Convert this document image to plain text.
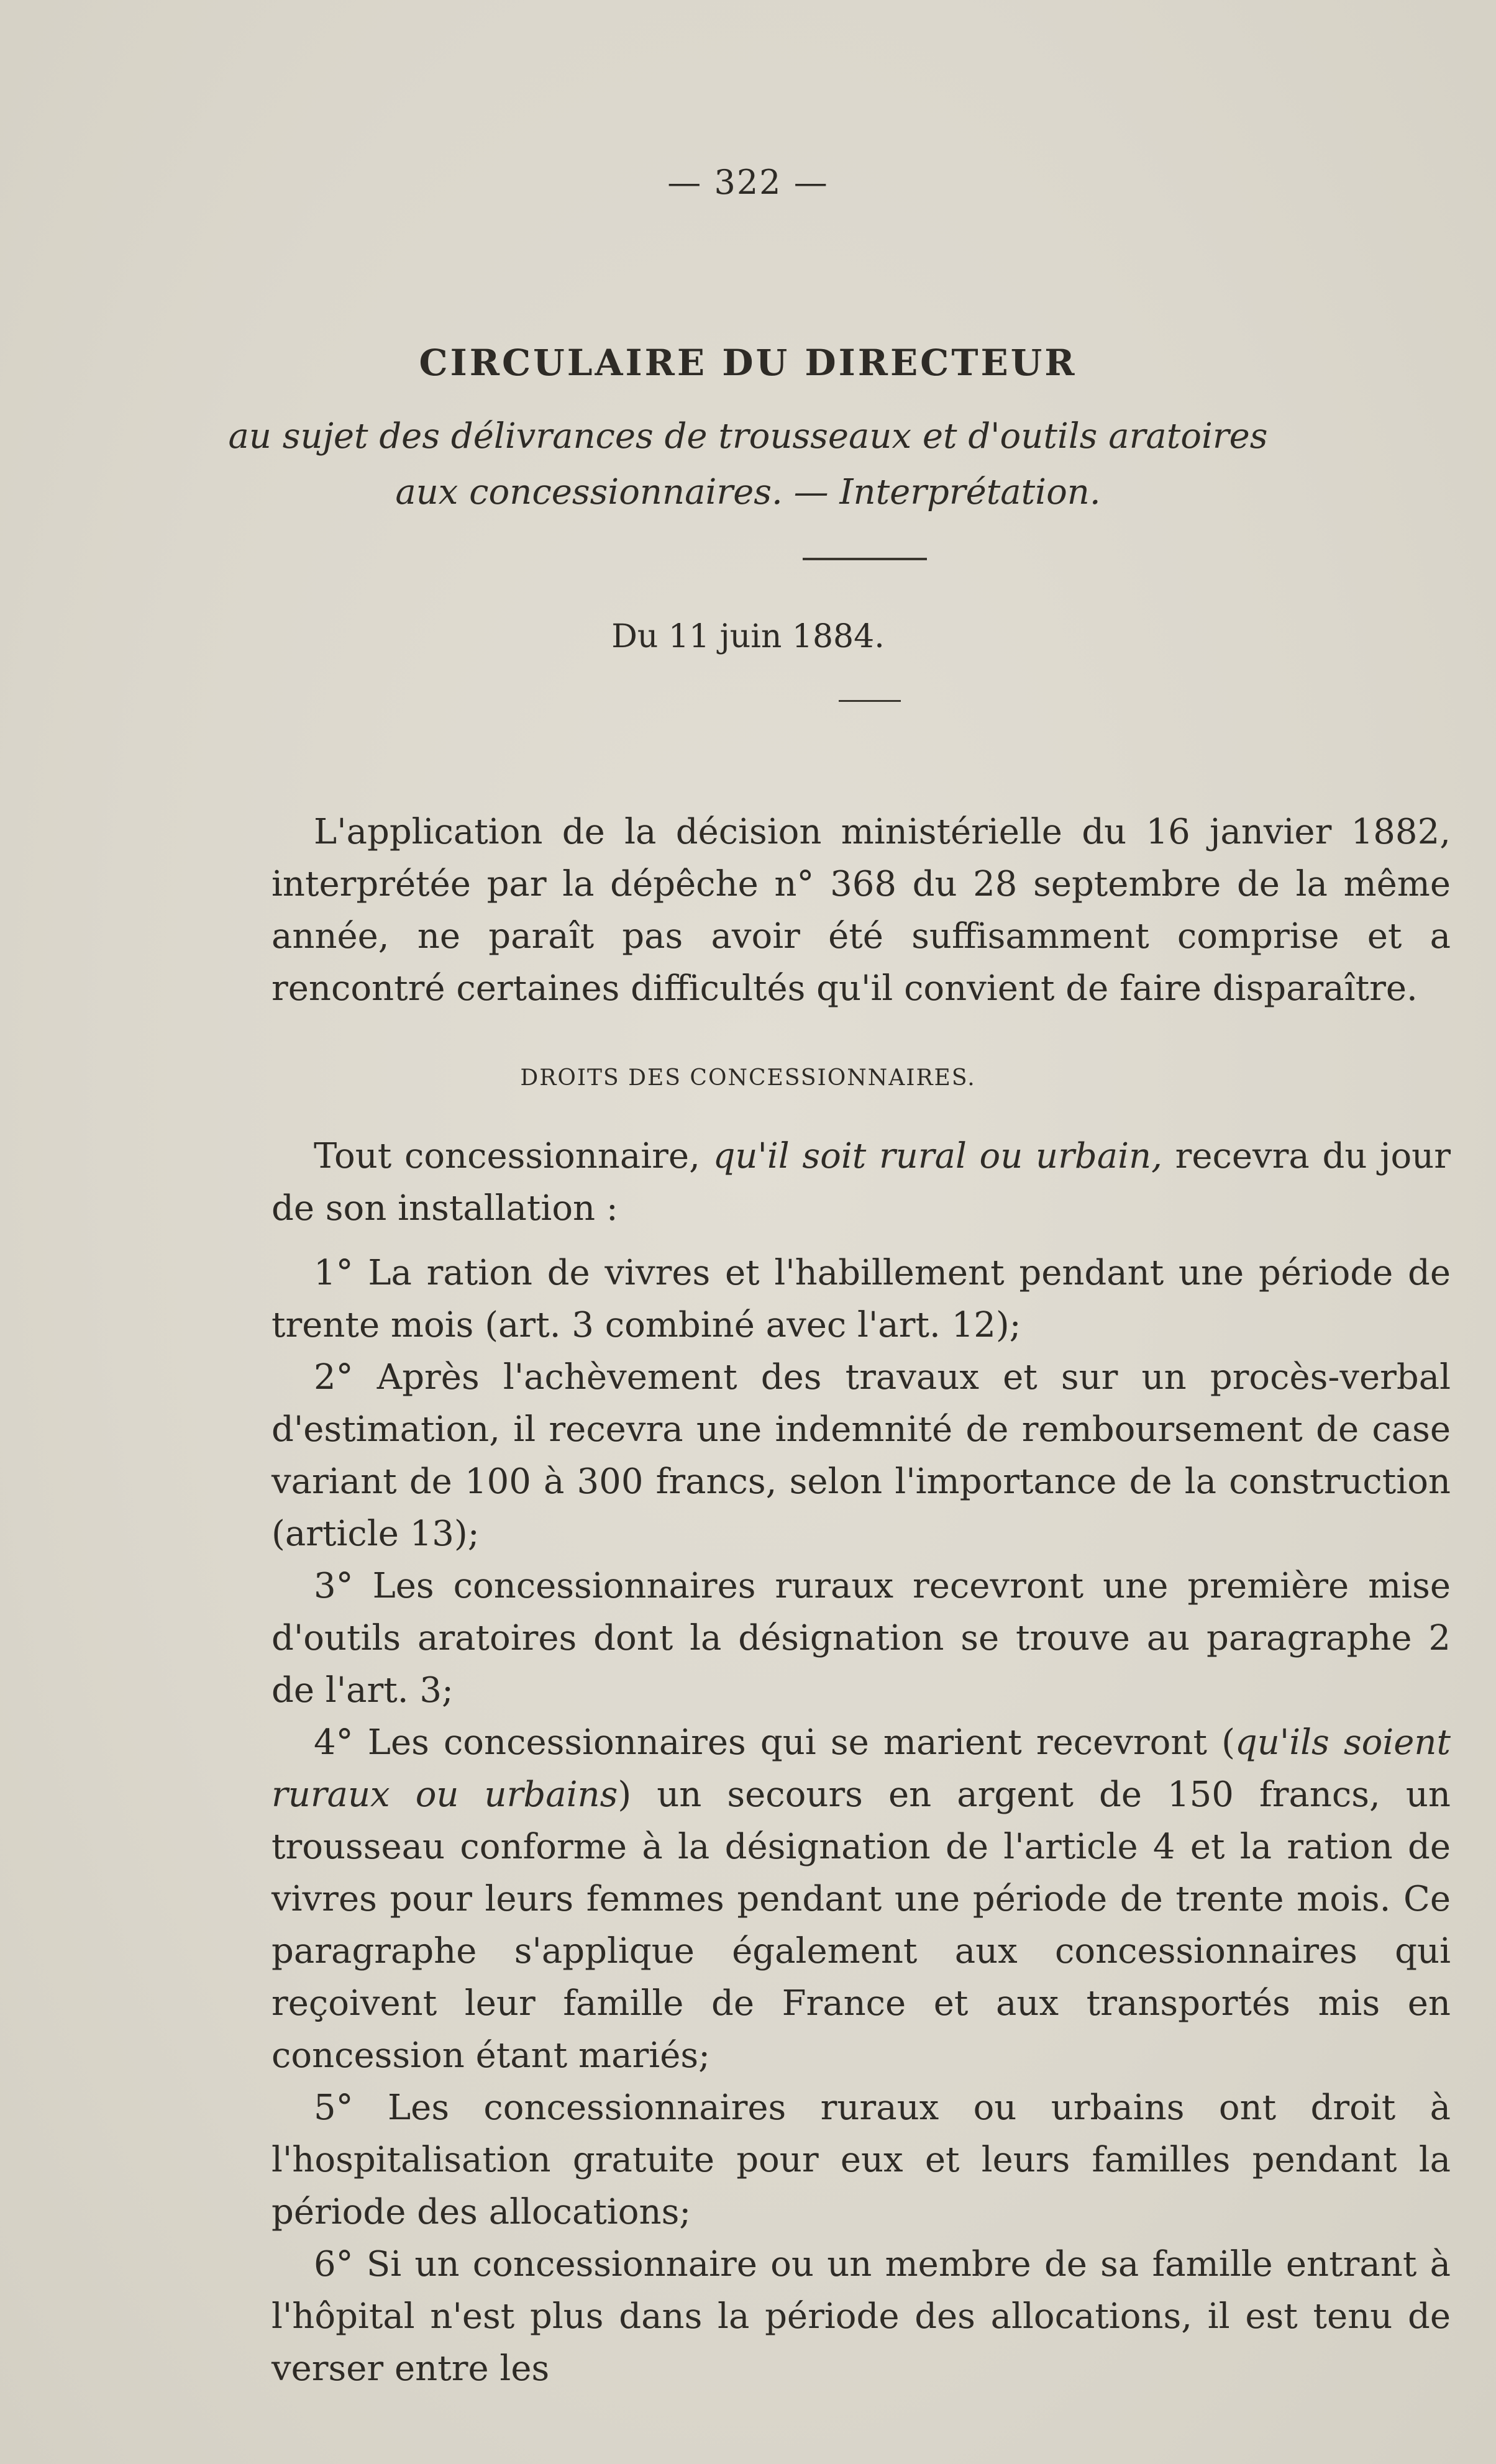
— 322 —
CIRCULAIRE DU DIRECTEUR
au sujet des délivrances de trousseaux et d'outils aratoires
aux concessionnaires. — Interprétation.
Du 11 juin 1884.
L'application de la décision ministérielle du 16 janvier 1882, interprétée par la dépêche n° 368 du 28 septembre de la même année, ne paraît pas avoir été suffisamment comprise et a rencontré certaines difficultés qu'il convient de faire disparaître.
DROITS DES CONCESSIONNAIRES.
Tout concessionnaire, qu'il soit rural ou urbain, recevra du jour de son installation :

1° La ration de vivres et l'habillement pendant une période de trente mois (art. 3 combiné avec l'art. 12);

2° Après l'achèvement des travaux et sur un procès-verbal d'estimation, il recevra une indemnité de remboursement de case variant de 100 à 300 francs, selon l'importance de la construction (article 13);

3° Les concessionnaires ruraux recevront une première mise d'outils aratoires dont la désignation se trouve au paragraphe 2 de l'art. 3;

4° Les concessionnaires qui se marient recevront (qu'ils soient ruraux ou urbains) un secours en argent de 150 francs, un trousseau conforme à la désignation de l'article 4 et la ration de vivres pour leurs femmes pendant une période de trente mois. Ce paragraphe s'applique également aux concessionnaires qui reçoivent leur famille de France et aux transportés mis en concession étant mariés;

5° Les concessionnaires ruraux ou urbains ont droit à l'hospitalisation gratuite pour eux et leurs familles pendant la période des allocations;

6° Si un concessionnaire ou un membre de sa famille entrant à l'hôpital n'est plus dans la période des allocations, il est tenu de verser entre les
